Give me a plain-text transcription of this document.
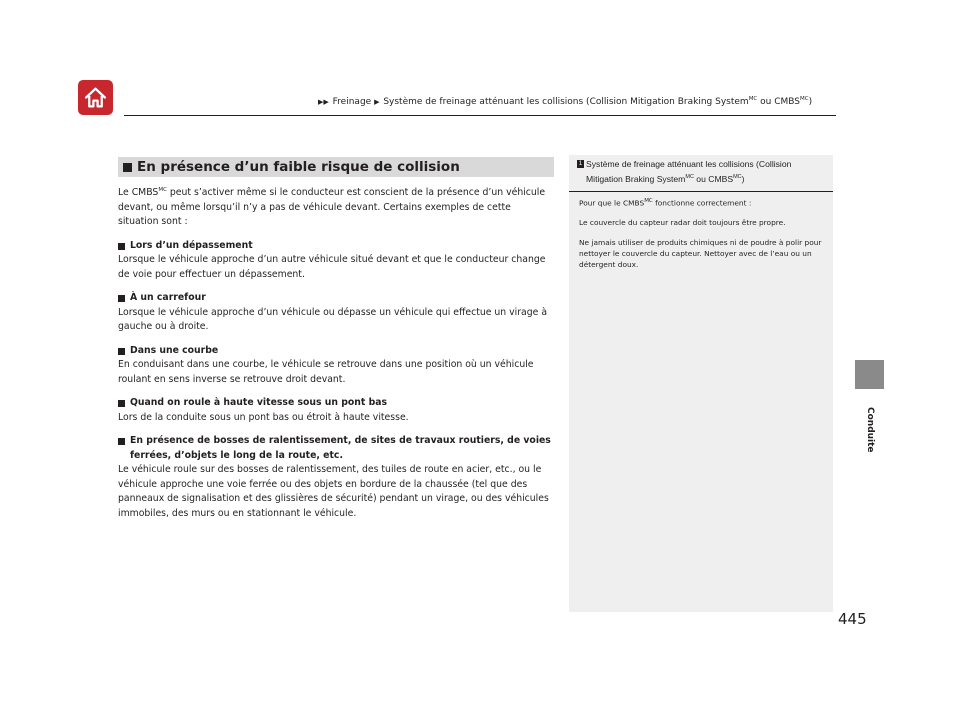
▶▶ Freinage ▶ Système de freinage atténuant les collisions (Collision Mitigation Braking System$^{MC}$ ou $CMBS^{MC}$)
Conduite
En présence d’un faible risque de collision
Le $CMBS^{MC}$ peut s’activer même si le conducteur est conscient de la présence d’un véhicule devant, ou même lorsqu’il n’y a pas de véhicule devant. Certains exemples de cette situation sont :
Lors d’un dépassement
Lorsque le véhicule approche d’un autre véhicule situé devant et que le conducteur change de voie pour effectuer un dépassement.
À un carrefour
Lorsque le véhicule approche d’un véhicule ou dépasse un véhicule qui effectue un virage à gauche ou à droite.
Dans une courbe
En conduisant dans une courbe, le véhicule se retrouve dans une position où un véhicule roulant en sens inverse se retrouve droit devant.
Quand on roule à haute vitesse sous un pont bas
Lors de la conduite sous un pont bas ou étroit à haute vitesse.
En présence de bosses de ralentissement, de sites de travaux routiers, de voies ferrées, d’objets le long de la route, etc.
Le véhicule roule sur des bosses de ralentissement, des tuiles de route en acier, etc., ou le véhicule approche une voie ferrée ou des objets en bordure de la chaussée (tel que des panneaux de signalisation et des glissières de sécurité) pendant un virage, ou des véhicules immobiles, des murs ou en stationnant le véhicule.
1 Système de freinage atténuant les collisions (Collision Mitigation Braking System$^{MC}$ ou $CMBS^{MC}$)

Pour que le $CMBS^{MC}$ fonctionne correctement :

Le couvercle du capteur radar doit toujours être propre.

Ne jamais utiliser de produits chimiques ni de poudre à polir pour nettoyer le couvercle du capteur. Nettoyer avec de l’eau ou un détergent doux.

445
